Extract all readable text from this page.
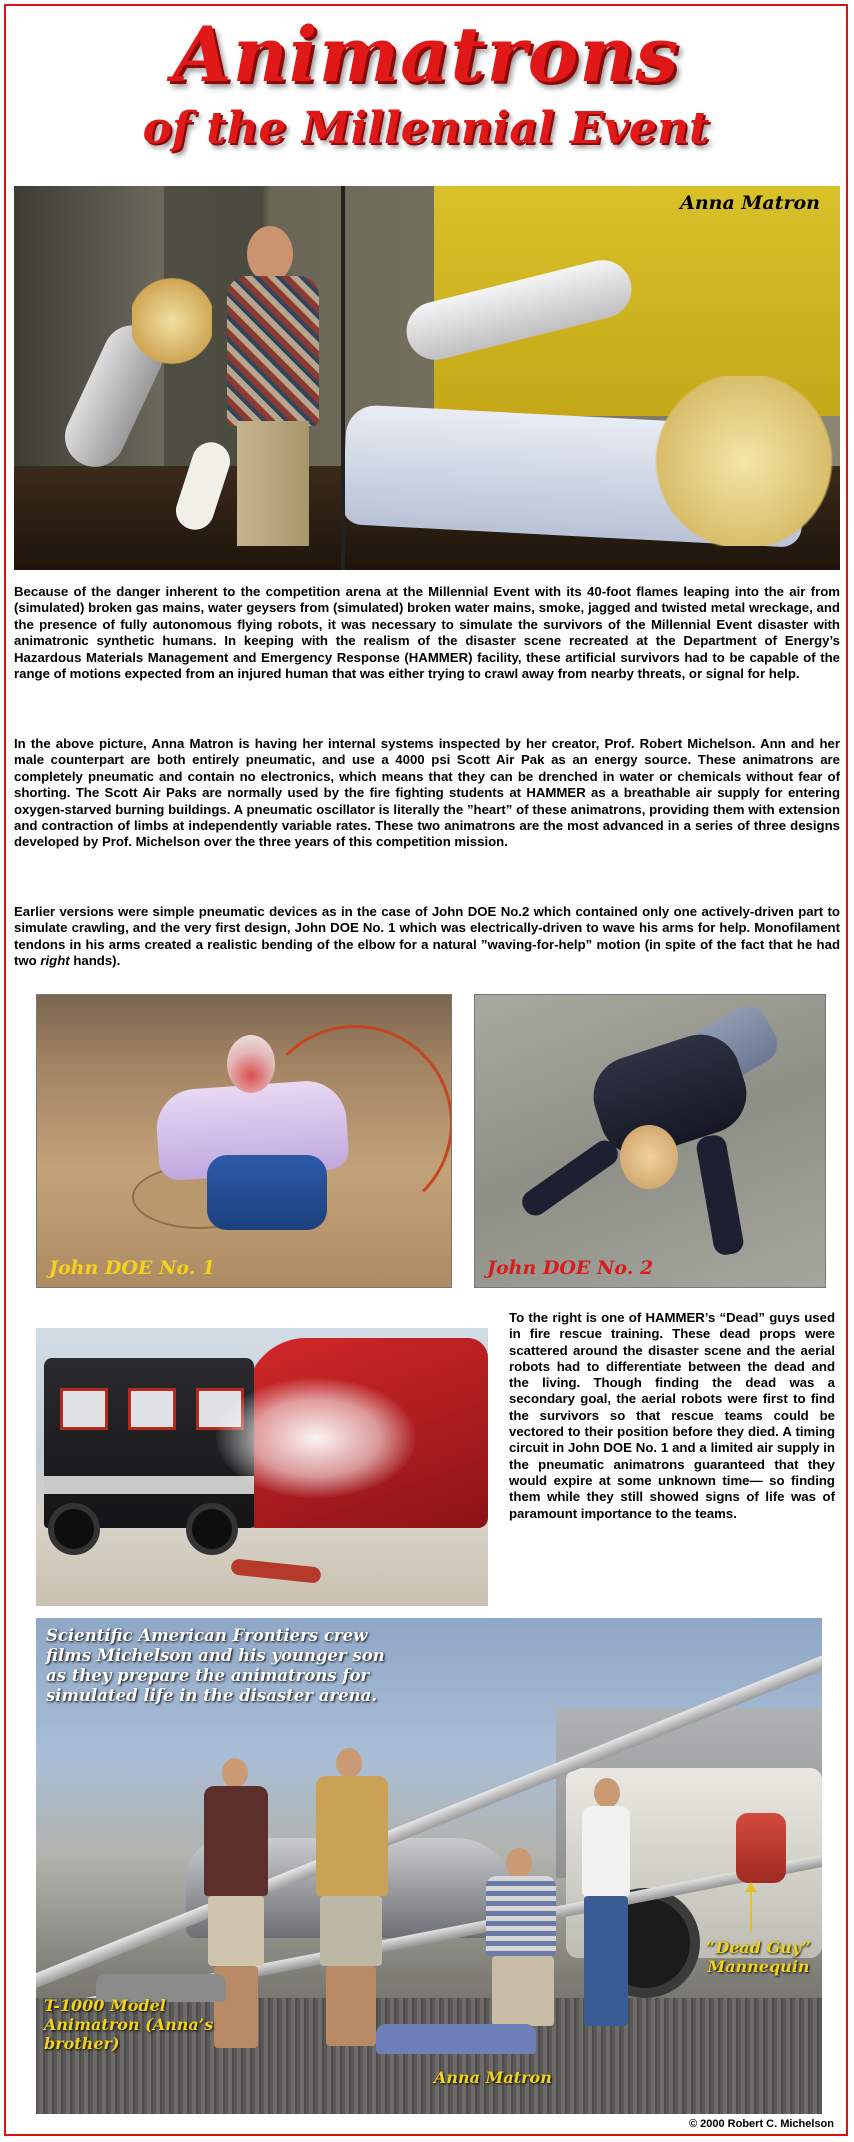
Animatrons
of the Millennial Event
Anna Matron

Because of the danger inherent to the competition arena at the Millennial Event with its 40-foot flames leaping into the air from (simulated) broken gas mains, water geysers from (simulated) broken water mains, smoke, jagged and twisted metal wreckage, and the presence of fully autonomous flying robots, it was necessary to simulate the survivors of the Millennial Event disaster with animatronic synthetic humans. In keeping with the realism of the disaster scene recreated at the Department of Energy’s Hazardous Materials Management and Emergency Response (HAMMER) facility, these artificial survivors had to be capable of the range of motions expected from an injured human that was either trying to crawl away from nearby threats, or signal for help.

In the above picture, Anna Matron is having her internal systems inspected by her creator, Prof. Robert Michelson. Ann and her male counterpart are both entirely pneumatic, and use a 4000 psi Scott Air Pak as an energy source. These animatrons are completely pneumatic and contain no electronics, which means that they can be drenched in water or chemicals without fear of shorting. The Scott Air Paks are normally used by the fire fighting students at HAMMER as a breathable air supply for entering oxygen-starved burning buildings. A pneumatic oscillator is literally the ”heart” of these animatrons, providing them with extension and contraction of limbs at independently variable rates. These two animatrons are the most advanced in a series of three designs developed by Prof. Michelson over the three years of this competition mission.

Earlier versions were simple pneumatic devices as in the case of John DOE No.2 which contained only one actively-driven part to simulate crawling, and the very first design, John DOE No. 1 which was electrically-driven to wave his arms for help. Monofilament tendons in his arms created a realistic bending of the elbow for a natural ”waving-for-help” motion (in spite of the fact that he had two right hands).

John DOE No. 1	John DOE No. 2

To the right is one of HAMMER’s “Dead” guys used in fire rescue training. These dead props were scattered around the disaster scene and the aerial robots had to differentiate between the dead and the living. Though finding the dead was a secondary goal, the aerial robots were first to find the survivors so that rescue teams could be vectored to their position before they died. A timing circuit in John DOE No. 1 and a limited air supply in the pneumatic animatrons guaranteed that they would expire at some unknown time— so finding them while they still showed signs of life was of paramount importance to the teams.

Scientific American Frontiers crew films Michelson and his younger son as they prepare the animatrons for simulated life in the disaster arena.
“Dead Guy” Mannequin
T-1000 Model Animatron (Anna’s brother)
Anna Matron
© 2000 Robert C. Michelson
